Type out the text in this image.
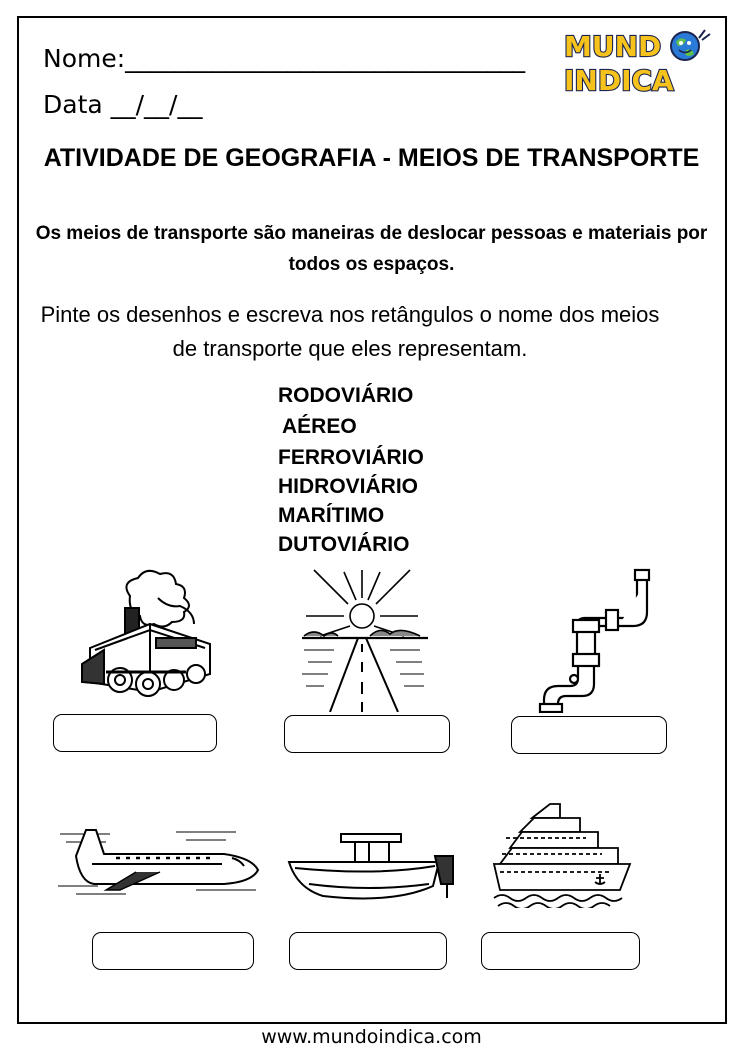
Nome:________________________________
Data __/__/__
MUND
INDICA
ATIVIDADE DE GEOGRAFIA - MEIOS DE TRANSPORTE
Os meios de transporte são maneiras de deslocar pessoas e materiais por todos os espaços.
Pinte os desenhos e escreva nos retângulos o nome dos meios de transporte que eles representam.
RODOVIÁRIO
AÉREO
FERROVIÁRIO
HIDROVIÁRIO
MARÍTIMO
DUTOVIÁRIO
www.mundoindica.com
